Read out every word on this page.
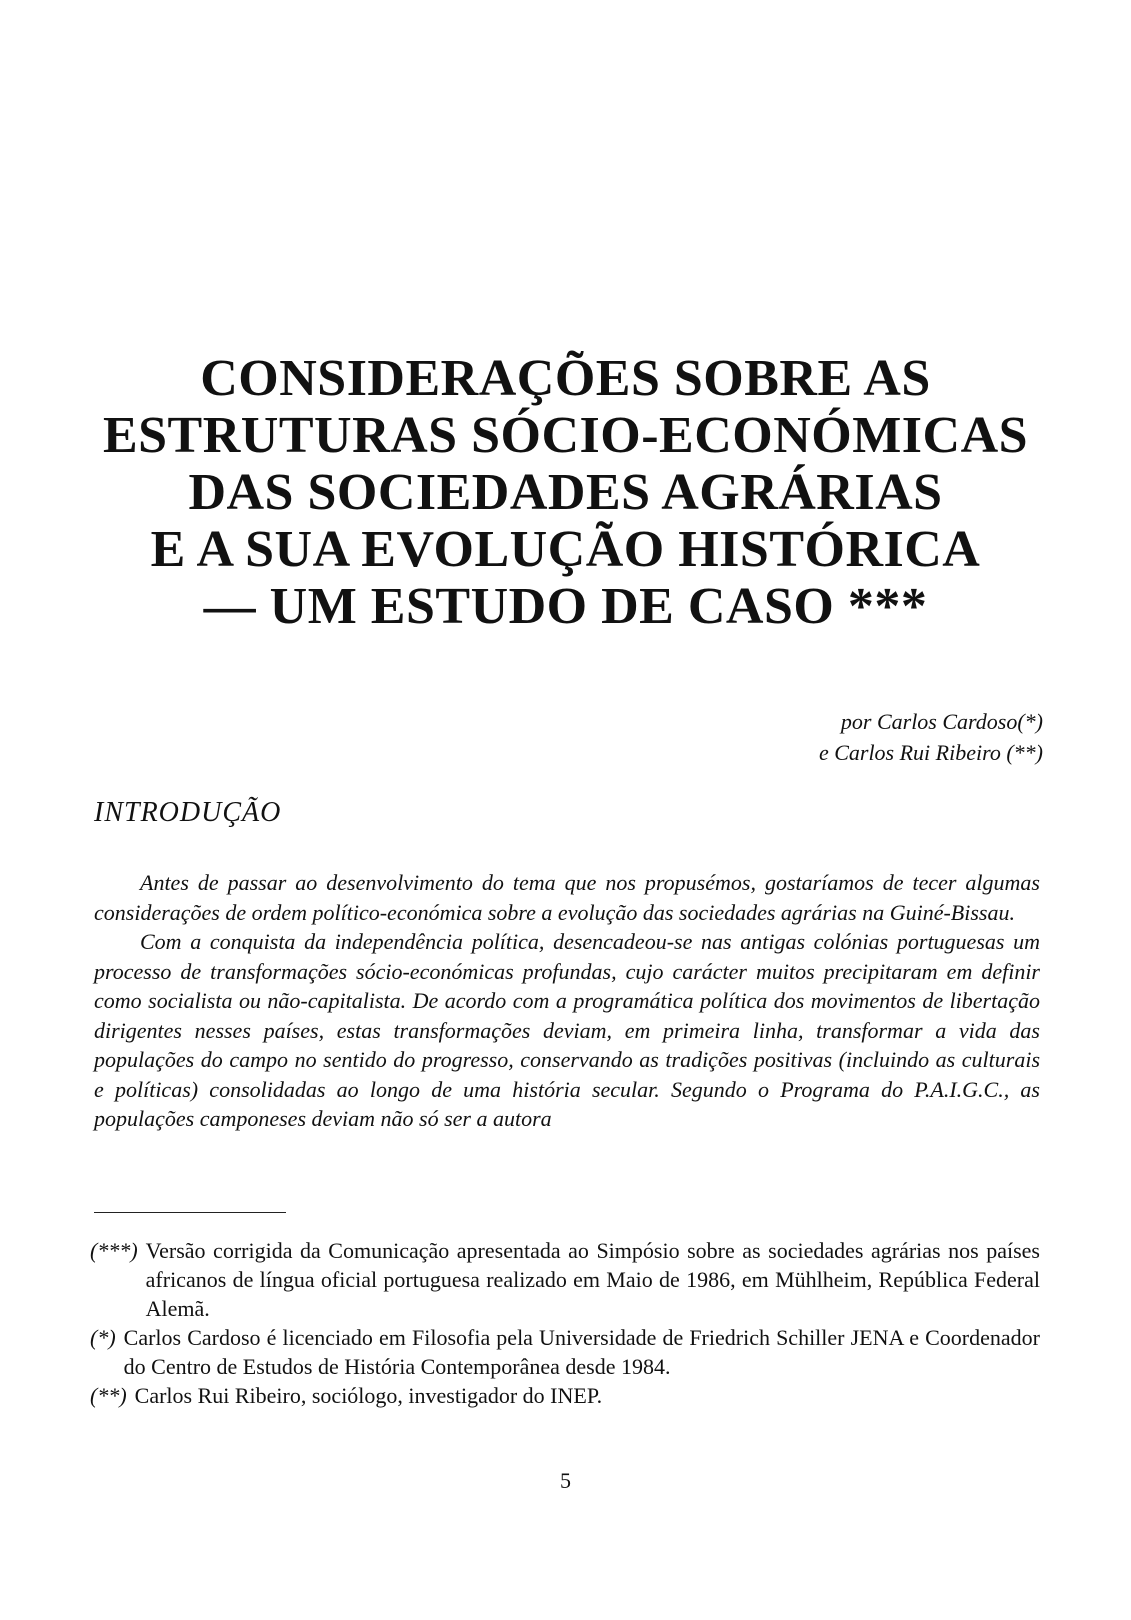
CONSIDERAÇÕES SOBRE AS
ESTRUTURAS SÓCIO-ECONÓMICAS
DAS SOCIEDADES AGRÁRIAS
E A SUA EVOLUÇÃO HISTÓRICA
— UM ESTUDO DE CASO ***
por Carlos Cardoso(*)
e Carlos Rui Ribeiro (**)
INTRODUÇÃO

Antes de passar ao desenvolvimento do tema que nos propusémos, gostaríamos de tecer algumas considerações de ordem político-económica sobre a evolução das sociedades agrárias na Guiné-Bissau.

Com a conquista da independência política, desencadeou-se nas antigas colónias portuguesas um processo de transformações sócio-económicas profundas, cujo carácter muitos precipitaram em definir como socialista ou não-capitalista. De acordo com a programática política dos movimentos de libertação dirigentes nesses países, estas transformações deviam, em primeira linha, transformar a vida das populações do campo no sentido do progresso, conservando as tradições positivas (incluindo as culturais e políticas) consolidadas ao longo de uma história secular. Segundo o Programa do P.A.I.G.C., as populações camponeses deviam não só ser a autora

(***) Versão corrigida da Comunicação apresentada ao Simpósio sobre as sociedades agrárias nos países africanos de língua oficial portuguesa realizado em Maio de 1986, em Mühlheim, República Federal Alemã.
(*) Carlos Cardoso é licenciado em Filosofia pela Universidade de Friedrich Schiller JENA e Coordenador do Centro de Estudos de História Contemporânea desde 1984.
(**) Carlos Rui Ribeiro, sociólogo, investigador do INEP.
5
